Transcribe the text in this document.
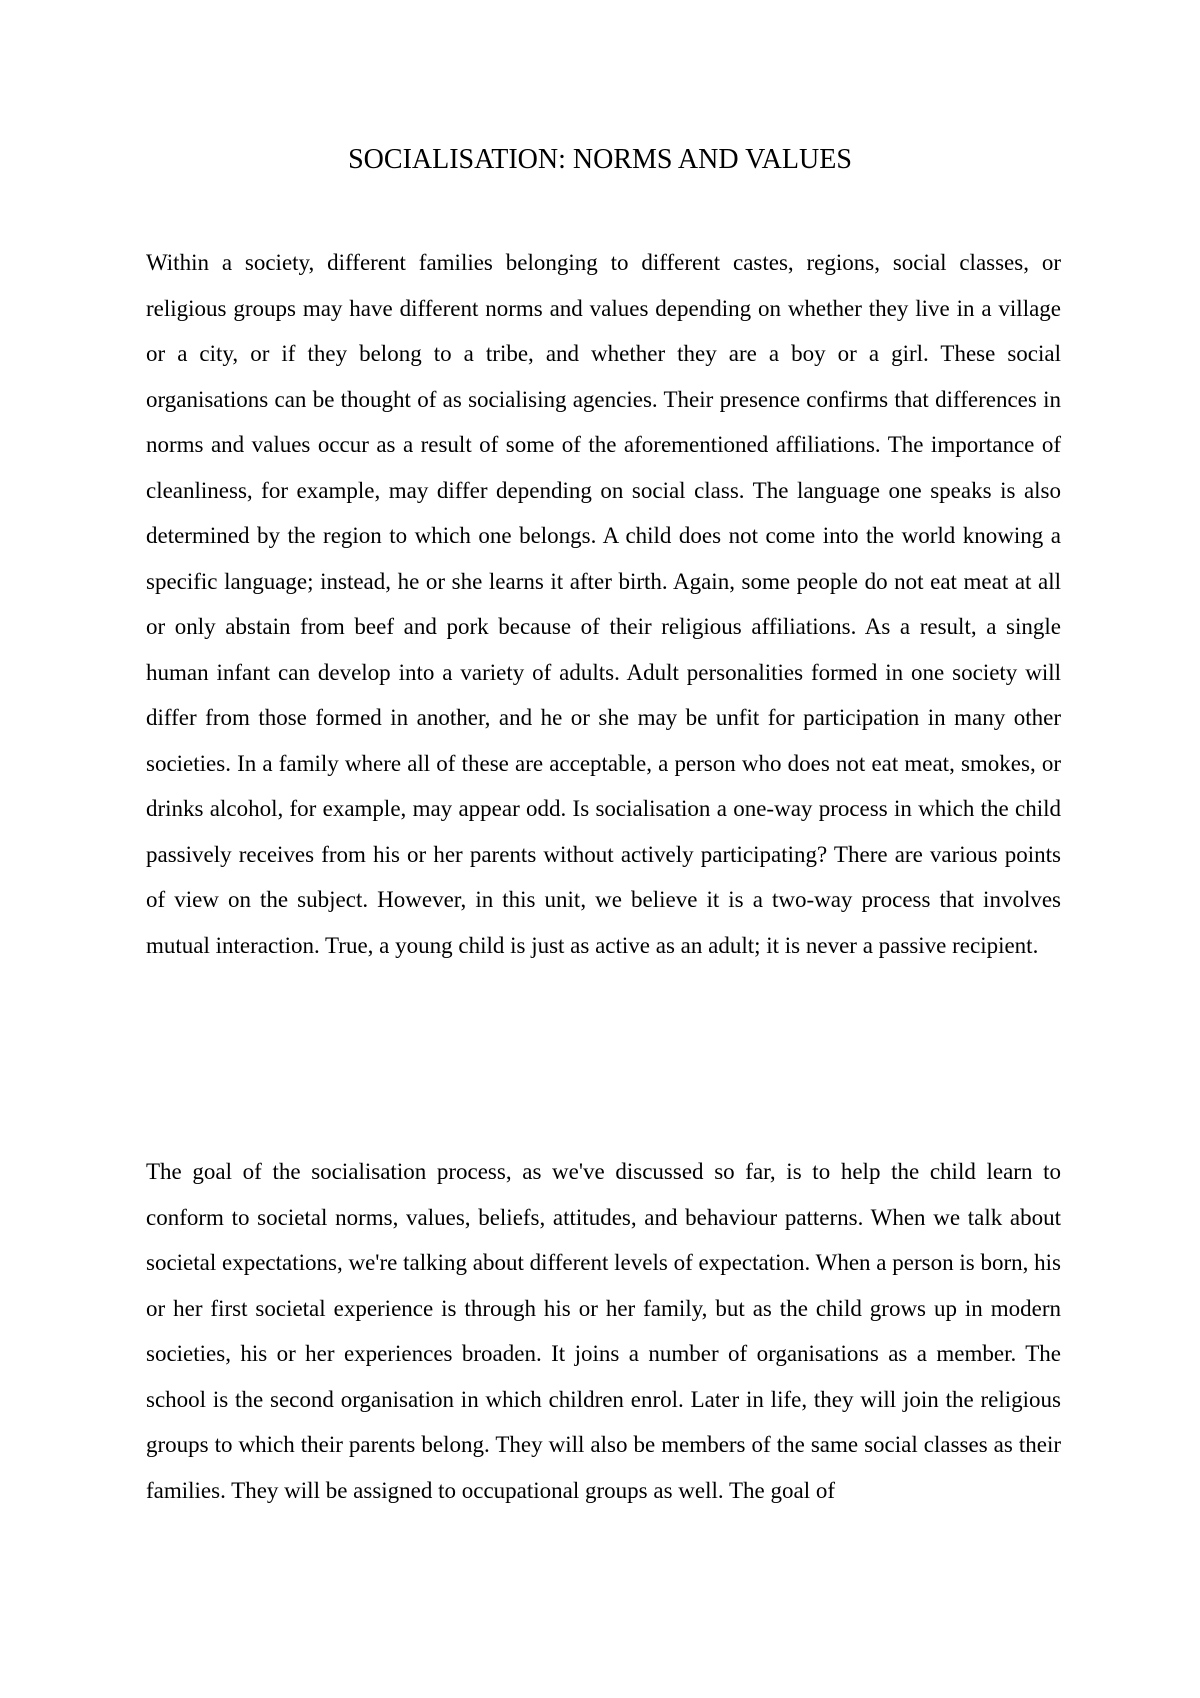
SOCIALISATION: NORMS AND VALUES

Within a society, different families belonging to different castes, regions, social classes, or religious groups may have different norms and values depending on whether they live in a village or a city, or if they belong to a tribe, and whether they are a boy or a girl. These social organisations can be thought of as socialising agencies. Their presence confirms that differences in norms and values occur as a result of some of the aforementioned affiliations. The importance of cleanliness, for example, may differ depending on social class. The language one speaks is also determined by the region to which one belongs. A child does not come into the world knowing a specific language; instead, he or she learns it after birth. Again, some people do not eat meat at all or only abstain from beef and pork because of their religious affiliations. As a result, a single human infant can develop into a variety of adults. Adult personalities formed in one society will differ from those formed in another, and he or she may be unfit for participation in many other societies. In a family where all of these are acceptable, a person who does not eat meat, smokes, or drinks alcohol, for example, may appear odd. Is socialisation a one-way process in which the child passively receives from his or her parents without actively participating? There are various points of view on the subject. However, in this unit, we believe it is a two-way process that involves mutual interaction. True, a young child is just as active as an adult; it is never a passive recipient.

The goal of the socialisation process, as we've discussed so far, is to help the child learn to conform to societal norms, values, beliefs, attitudes, and behaviour patterns. When we talk about societal expectations, we're talking about different levels of expectation. When a person is born, his or her first societal experience is through his or her family, but as the child grows up in modern societies, his or her experiences broaden. It joins a number of organisations as a member. The school is the second organisation in which children enrol. Later in life, they will join the religious groups to which their parents belong. They will also be members of the same social classes as their families. They will be assigned to occupational groups as well. The goal of
